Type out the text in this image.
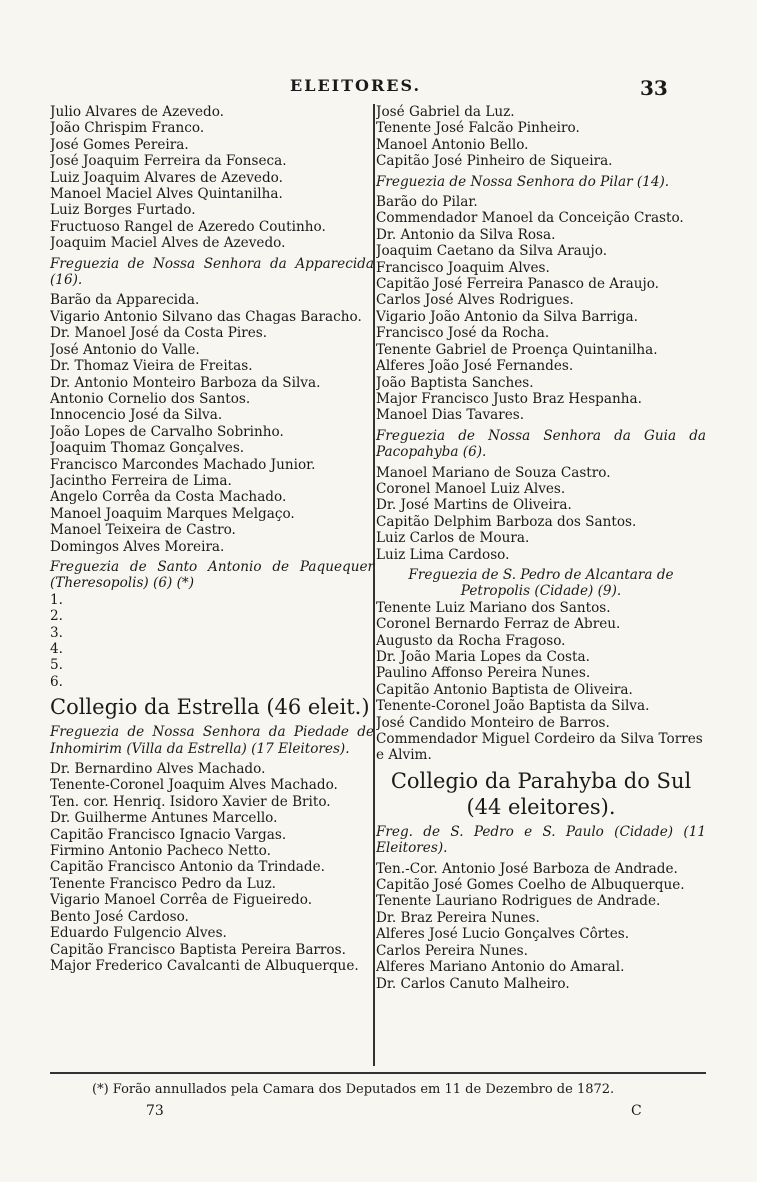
ELEITORES.	33
Julio Alvares de Azevedo.
João Chrispim Franco.
José Gomes Pereira.
José Joaquim Ferreira da Fonseca.
Luiz Joaquim Alvares de Azevedo.
Manoel Maciel Alves Quintanilha.
Luiz Borges Furtado.
Fructuoso Rangel de Azeredo Coutinho.
Joaquim Maciel Alves de Azevedo.
Freguezia de Nossa Senhora da Apparecida (16).
Barão da Apparecida.
Vigario Antonio Silvano das Chagas Baracho.
Dr. Manoel José da Costa Pires.
José Antonio do Valle.
Dr. Thomaz Vieira de Freitas.
Dr. Antonio Monteiro Barboza da Silva.
Antonio Cornelio dos Santos.
Innocencio José da Silva.
João Lopes de Carvalho Sobrinho.
Joaquim Thomaz Gonçalves.
Francisco Marcondes Machado Junior.
Jacintho Ferreira de Lima.
Angelo Corrêa da Costa Machado.
Manoel Joaquim Marques Melgaço.
Manoel Teixeira de Castro.
Domingos Alves Moreira.
Freguezia de Santo Antonio de Paquequer (Theresopolis) (6) (*)
1.
2.
3.
4.
5.
6.
Collegio da Estrella (46 eleit.)
Freguezia de Nossa Senhora da Piedade de Inhomirim (Villa da Estrella) (17 Eleitores).
Dr. Bernardino Alves Machado.
Tenente-Coronel Joaquim Alves Machado.
Ten. cor. Henriq. Isidoro Xavier de Brito.
Dr. Guilherme Antunes Marcello.
Capitão Francisco Ignacio Vargas.
Firmino Antonio Pacheco Netto.
Capitão Francisco Antonio da Trindade.
Tenente Francisco Pedro da Luz.
Vigario Manoel Corrêa de Figueiredo.
Bento José Cardoso.
Eduardo Fulgencio Alves.
Capitão Francisco Baptista Pereira Barros.
Major Frederico Cavalcanti de Albuquerque.
José Gabriel da Luz.
Tenente José Falcão Pinheiro.
Manoel Antonio Bello.
Capitão José Pinheiro de Siqueira.
Freguezia de Nossa Senhora do Pilar (14).
Barão do Pilar.
Commendador Manoel da Conceição Crasto.
Dr. Antonio da Silva Rosa.
Joaquim Caetano da Silva Araujo.
Francisco Joaquim Alves.
Capitão José Ferreira Panasco de Araujo.
Carlos José Alves Rodrigues.
Vigario João Antonio da Silva Barriga.
Francisco José da Rocha.
Tenente Gabriel de Proença Quintanilha.
Alferes João José Fernandes.
João Baptista Sanches.
Major Francisco Justo Braz Hespanha.
Manoel Dias Tavares.
Freguezia de Nossa Senhora da Guia da Pacopahyba (6).
Manoel Mariano de Souza Castro.
Coronel Manoel Luiz Alves.
Dr. José Martins de Oliveira.
Capitão Delphim Barboza dos Santos.
Luiz Carlos de Moura.
Luiz Lima Cardoso.
Freguezia de S. Pedro de Alcantara de Petropolis (Cidade) (9).
Tenente Luiz Mariano dos Santos.
Coronel Bernardo Ferraz de Abreu.
Augusto da Rocha Fragoso.
Dr. João Maria Lopes da Costa.
Paulino Affonso Pereira Nunes.
Capitão Antonio Baptista de Oliveira.
Tenente-Coronel João Baptista da Silva.
José Candido Monteiro de Barros.
Commendador Miguel Cordeiro da Silva Torres e Alvim.
Collegio da Parahyba do Sul
(44 eleitores).
Freg. de S. Pedro e S. Paulo (Cidade) (11 Eleitores).
Ten.-Cor. Antonio José Barboza de Andrade.
Capitão José Gomes Coelho de Albuquerque.
Tenente Lauriano Rodrigues de Andrade.
Dr. Braz Pereira Nunes.
Alferes José Lucio Gonçalves Côrtes.
Carlos Pereira Nunes.
Alferes Mariano Antonio do Amaral.
Dr. Carlos Canuto Malheiro.
(*) Forão annullados pela Camara dos Deputados em 11 de Dezembro de 1872.
73	C
